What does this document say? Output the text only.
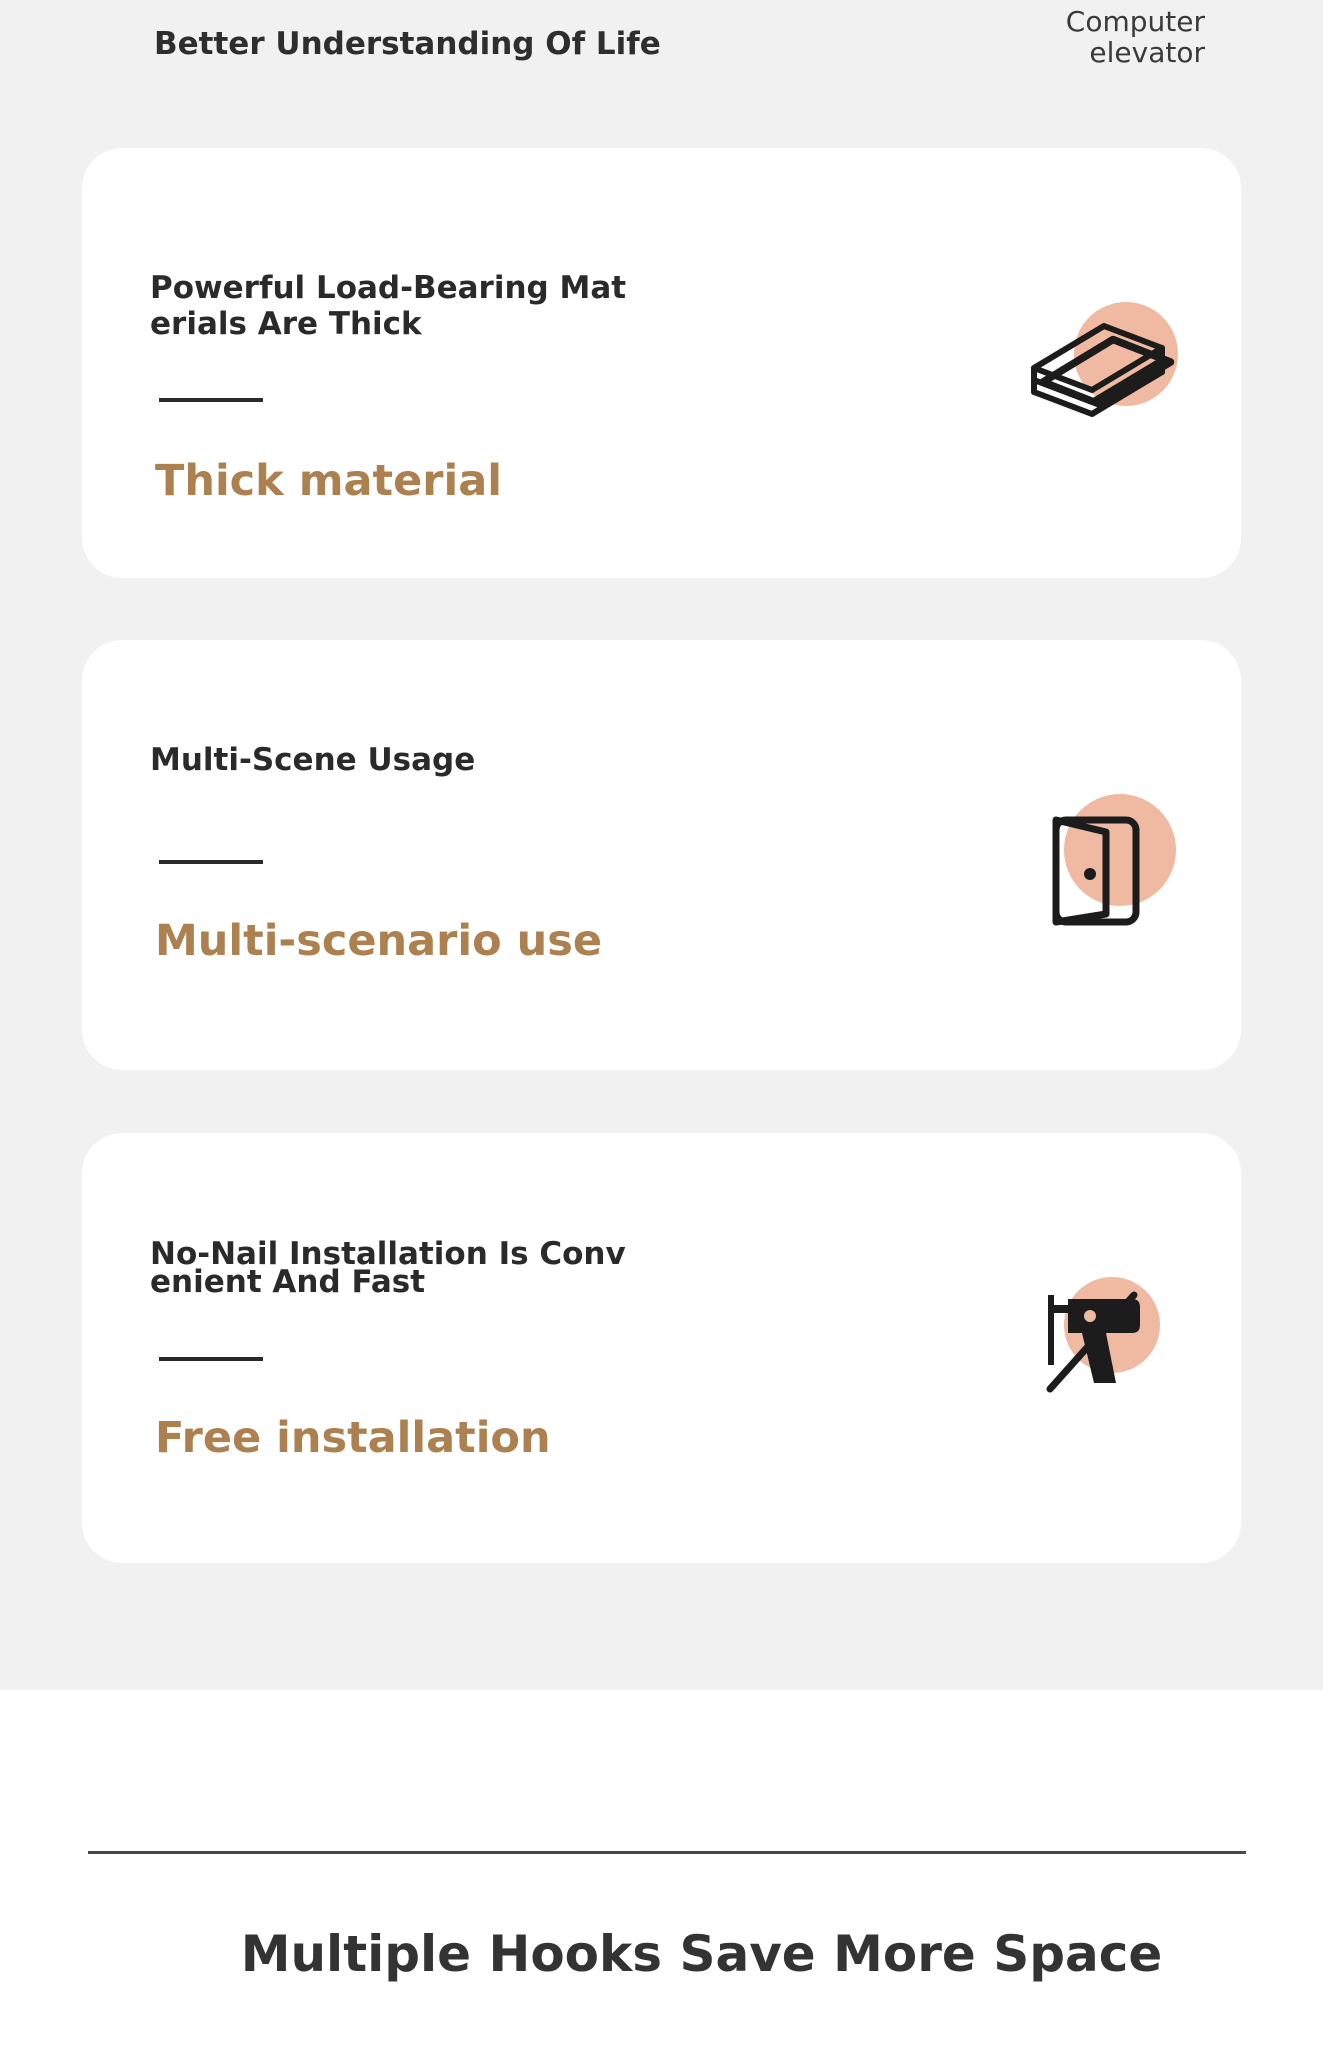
Better Understanding Of Life
Computer
elevator
Powerful Load-Bearing Materials Are Thick
Thick material
Multi-Scene Usage
Multi-scenario use
No-Nail Installation Is Convenient And Fast
Free installation
Multiple Hooks Save More Space
